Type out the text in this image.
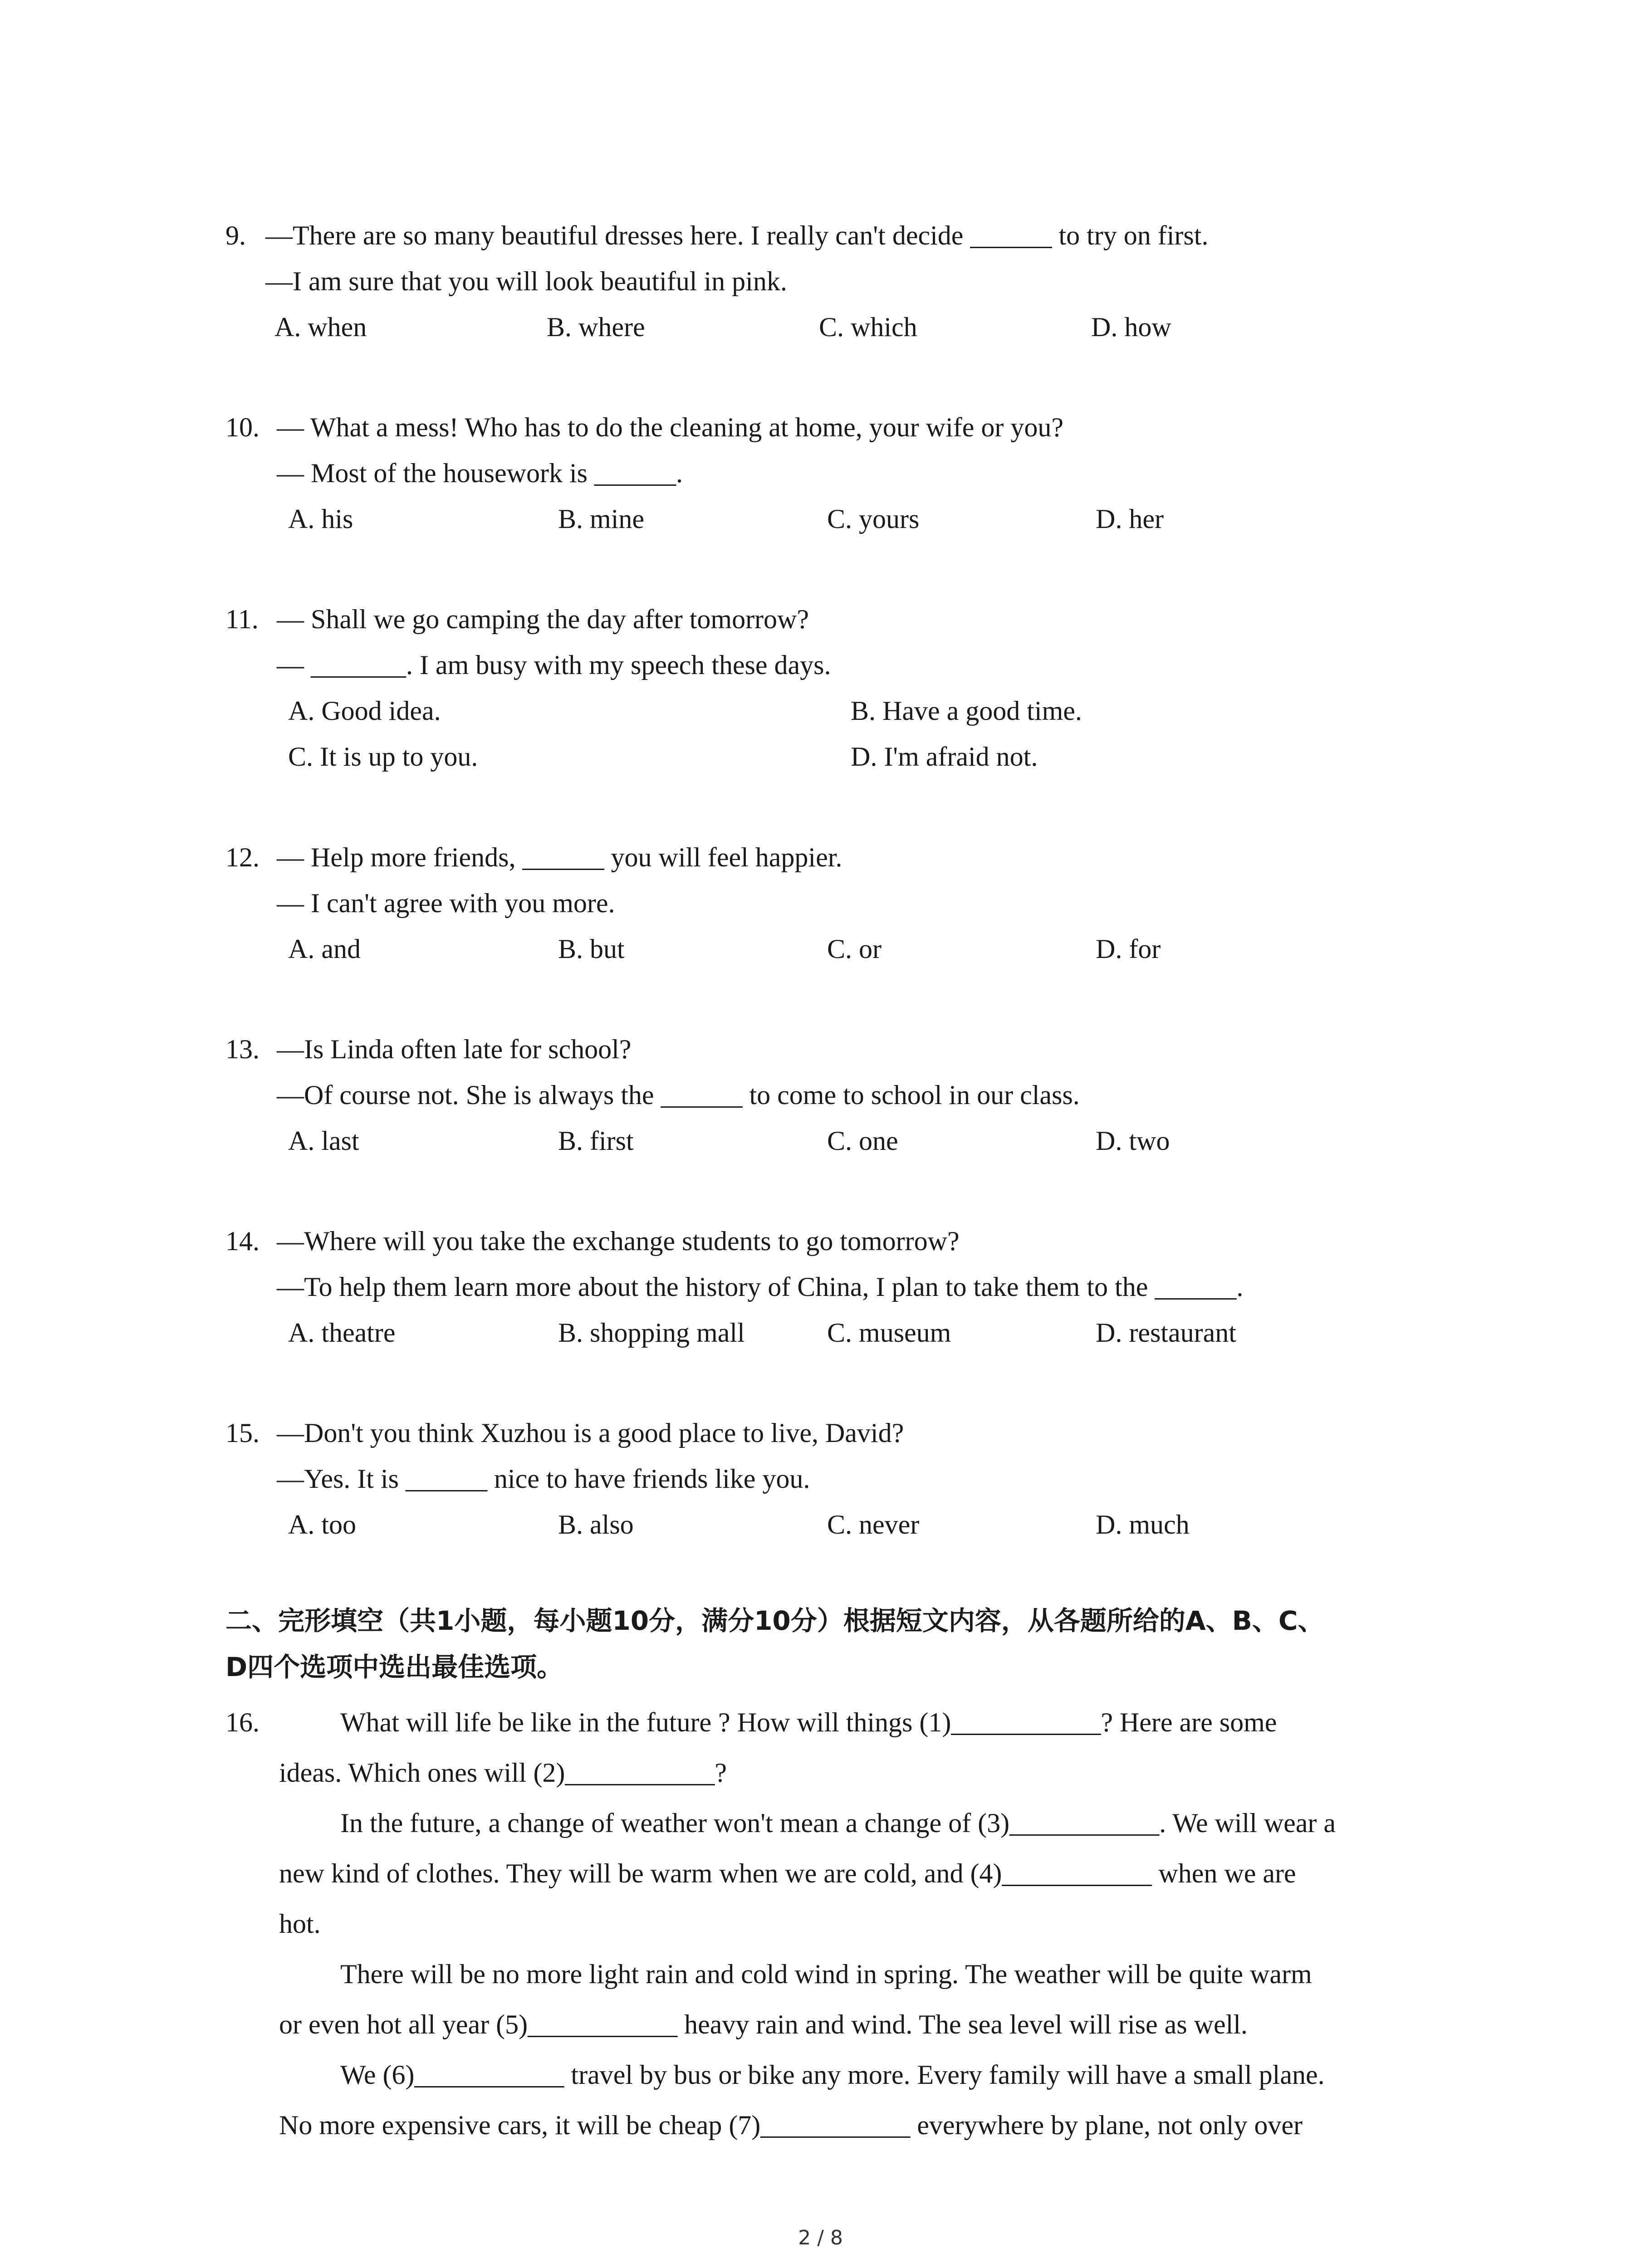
9. —There are so many beautiful dresses here. I really can't decide ______ to try on first.
—I am sure that you will look beautiful in pink.
A. when	B. where	C. which	D. how
10. — What a mess! Who has to do the cleaning at home, your wife or you?
— Most of the housework is ______.
A. his	B. mine	C. yours	D. her
11. — Shall we go camping the day after tomorrow?
— _______. I am busy with my speech these days.
A. Good idea.	B. Have a good time.
C. It is up to you.	D. I'm afraid not.
12. — Help more friends, ______ you will feel happier.
— I can't agree with you more.
A. and	B. but	C. or	D. for
13. —Is Linda often late for school?
—Of course not. She is always the ______ to come to school in our class.
A. last	B. first	C. one	D. two
14. —Where will you take the exchange students to go tomorrow?
—To help them learn more about the history of China, I plan to take them to the ______.
A. theatre	B. shopping mall	C. museum	D. restaurant
15. —Don't you think Xuzhou is a good place to live, David?
—Yes. It is ______ nice to have friends like you.
A. too	B. also	C. never	D. much
二、完形填空（共1小题，每小题10分，满分10分）根据短文内容，从各题所给的A、B、C、
D四个选项中选出最佳选项。
16.	What will life be like in the future ? How will things (1)___________? Here are some
ideas. Which ones will (2)___________?
In the future, a change of weather won't mean a change of (3)___________. We will wear a
new kind of clothes. They will be warm when we are cold, and (4)___________ when we are
hot.
There will be no more light rain and cold wind in spring. The weather will be quite warm
or even hot all year (5)___________ heavy rain and wind. The sea level will rise as well.
We (6)___________ travel by bus or bike any more. Every family will have a small plane.
No more expensive cars, it will be cheap (7)___________ everywhere by plane, not only over
2 / 8
